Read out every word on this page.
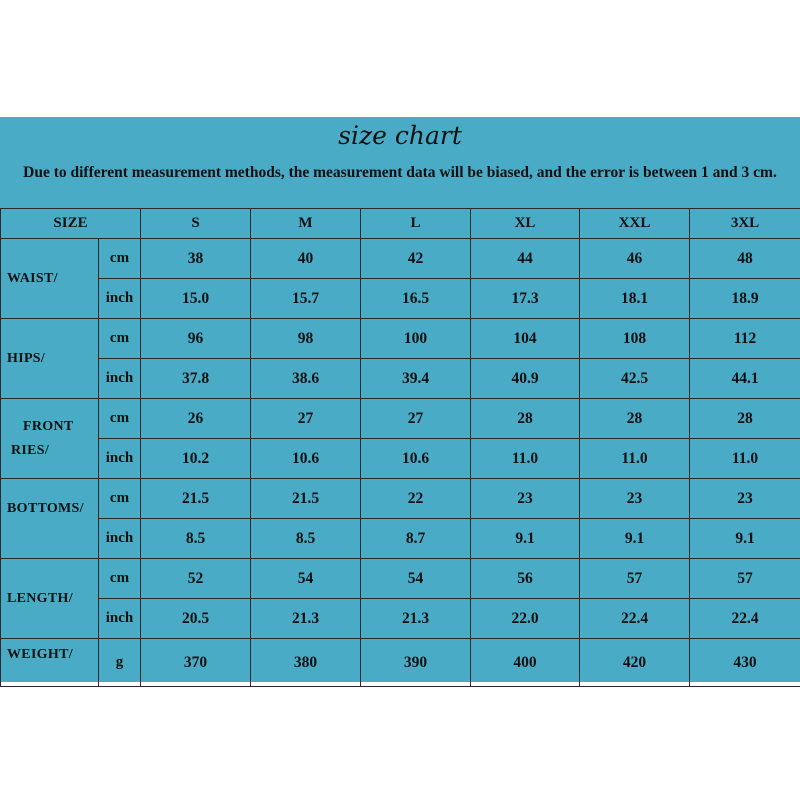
size chart
Due to different measurement methods, the measurement data will be biased, and the error is between 1 and 3 cm.
SIZE		S	M	L	XL	XXL	3XL
WAIST/	cm	38	40	42	44	46	48
	inch	15.0	15.7	16.5	17.3	18.1	18.9
HIPS/	cm	96	98	100	104	108	112
	inch	37.8	38.6	39.4	40.9	42.5	44.1

FRONT
RIES/	cm	26	27	27	28	28	28
	inch	10.2	10.6	10.6	11.0	11.0	11.0
BOTTOMS/	cm	21.5	21.5	22	23	23	23
	inch	8.5	8.5	8.7	9.1	9.1	9.1
LENGTH/	cm	52	54	54	56	57	57
	inch	20.5	21.3	21.3	22.0	22.4	22.4
WEIGHT/	g	370	380	390	400	420	430
